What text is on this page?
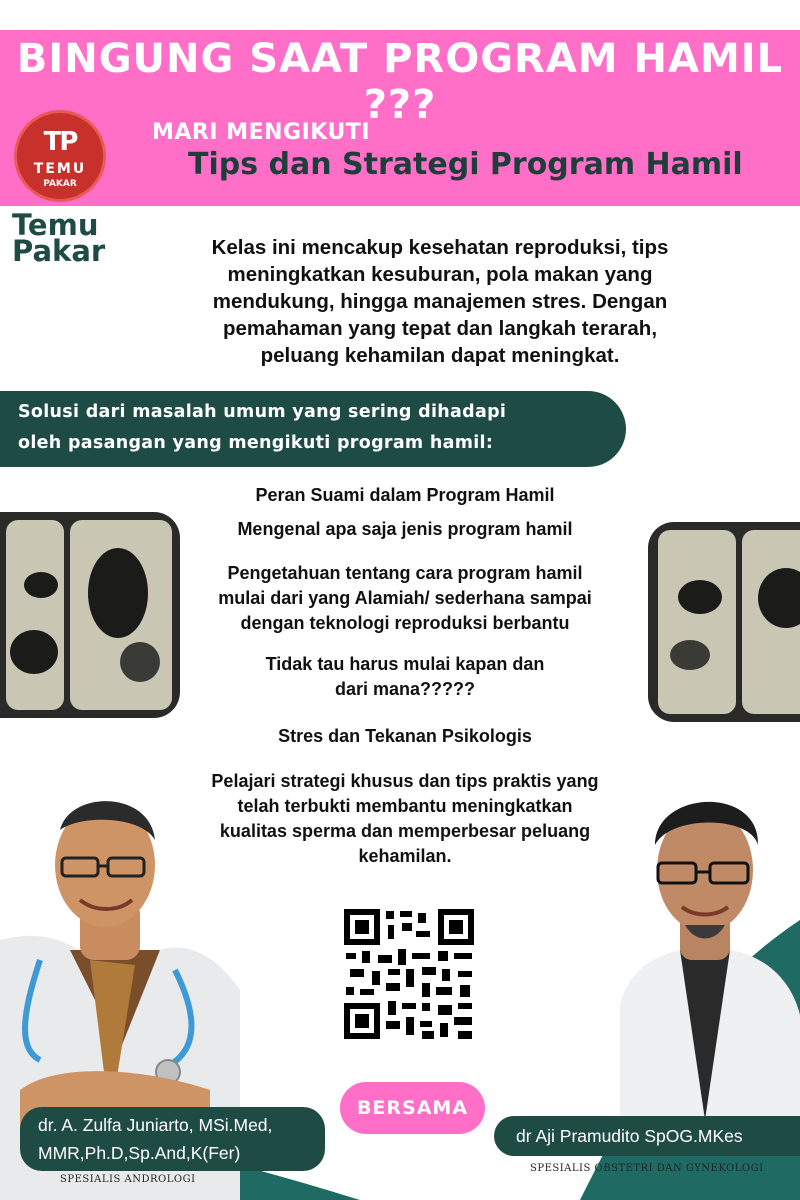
BINGUNG SAAT PROGRAM HAMIL ???
TP
TEMU
PAKAR
MARI MENGIKUTI
Tips dan Strategi Program Hamil
Temu
Pakar	Kelas ini mencakup kesehatan reproduksi, tips
meningkatkan kesuburan, pola makan yang
mendukung, hingga manajemen stres. Dengan
pemahaman yang tepat dan langkah terarah,
peluang kehamilan dapat meningkat.
Solusi dari masalah umum yang sering dihadapi
oleh pasangan yang mengikuti program hamil:
Peran Suami dalam Program Hamil
Mengenal apa saja jenis program hamil
Pengetahuan tentang cara program hamil
mulai dari yang Alamiah/ sederhana sampai
dengan teknologi reproduksi berbantu
Tidak tau harus mulai kapan dan
dari mana?????
Stres dan Tekanan Psikologis
Pelajari strategi khusus dan tips praktis yang
telah terbukti membantu meningkatkan
kualitas sperma dan memperbesar peluang
kehamilan.
BERSAMA
dr. A. Zulfa Juniarto, MSi.Med,
MMR,Ph.D,Sp.And,K(Fer)
SPESIALIS ANDROLOGI
dr Aji Pramudito SpOG.MKes
SPESIALIS OBSTETRI DAN GYNEKOLOGI
